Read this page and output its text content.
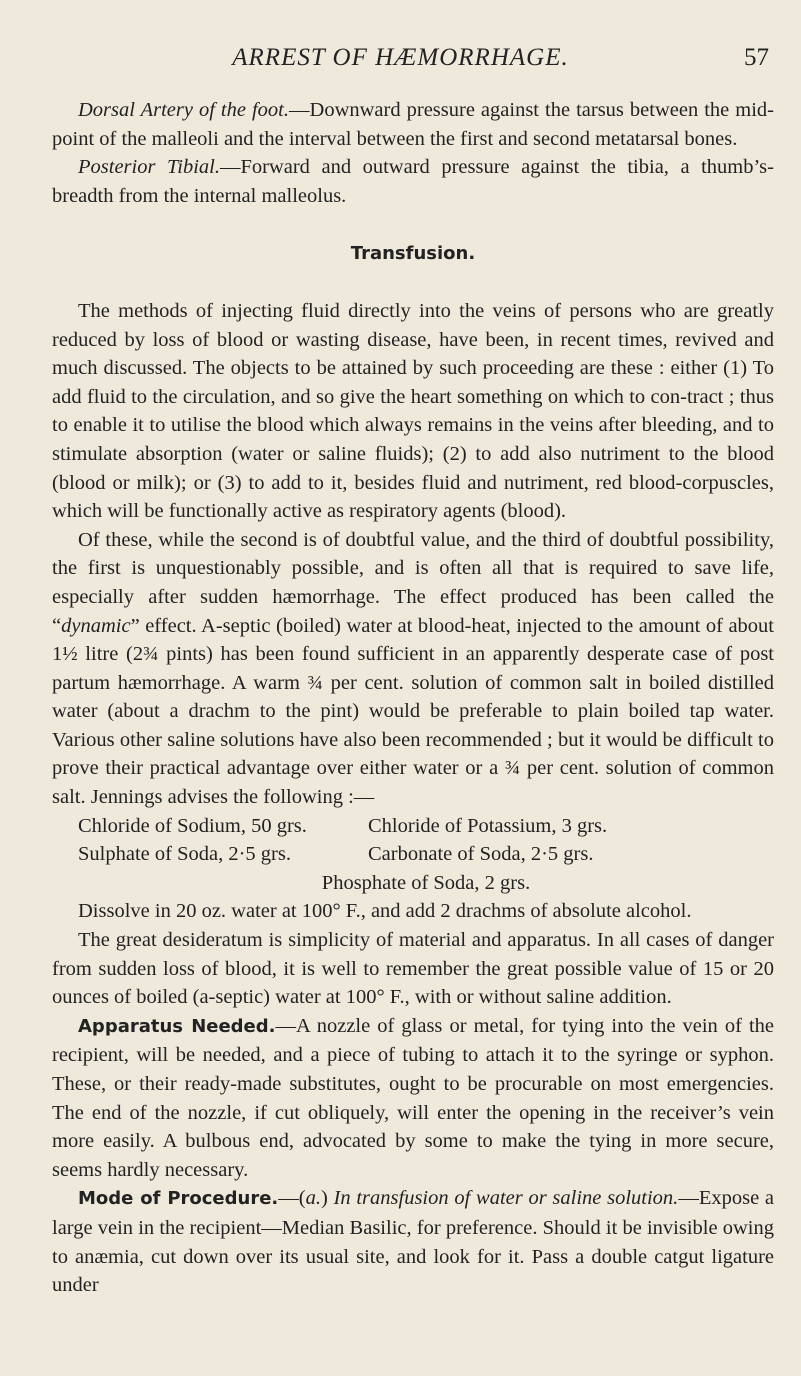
ARREST OF HÆMORRHAGE.	57

Dorsal Artery of the foot.—Downward pressure against the tarsus between the mid-point of the malleoli and the interval between the first and second metatarsal bones.

Posterior Tibial.—Forward and outward pressure against the tibia, a thumb’s-breadth from the internal malleolus.

Transfusion.

The methods of injecting fluid directly into the veins of persons who are greatly reduced by loss of blood or wasting disease, have been, in recent times, revived and much discussed. The objects to be attained by such proceeding are these : either (1) To add fluid to the circulation, and so give the heart something on which to con-tract ; thus to enable it to utilise the blood which always remains in the veins after bleeding, and to stimulate absorption (water or saline fluids); (2) to add also nutriment to the blood (blood or milk); or (3) to add to it, besides fluid and nutriment, red blood-corpuscles, which will be functionally active as respiratory agents (blood).

Of these, while the second is of doubtful value, and the third of doubtful possibility, the first is unquestionably possible, and is often all that is required to save life, especially after sudden hæmorrhage. The effect produced has been called the “dynamic” effect. A-septic (boiled) water at blood-heat, injected to the amount of about 1½ litre (2¾ pints) has been found sufficient in an apparently desperate case of post partum hæmorrhage. A warm ¾ per cent. solution of common salt in boiled distilled water (about a drachm to the pint) would be preferable to plain boiled tap water. Various other saline solutions have also been recommended ; but it would be difficult to prove their practical advantage over either water or a ¾ per cent. solution of common salt. Jennings advises the following :—

Chloride of Sodium, 50 grs.	Chloride of Potassium, 3 grs.
Sulphate of Soda, 2·5 grs.	Carbonate of Soda, 2·5 grs.
Phosphate of Soda, 2 grs.

Dissolve in 20 oz. water at 100° F., and add 2 drachms of absolute alcohol.

The great desideratum is simplicity of material and apparatus. In all cases of danger from sudden loss of blood, it is well to remember the great possible value of 15 or 20 ounces of boiled (a-septic) water at 100° F., with or without saline addition.

Apparatus Needed.—A nozzle of glass or metal, for tying into the vein of the recipient, will be needed, and a piece of tubing to attach it to the syringe or syphon. These, or their ready-made substitutes, ought to be procurable on most emergencies. The end of the nozzle, if cut obliquely, will enter the opening in the receiver’s vein more easily. A bulbous end, advocated by some to make the tying in more secure, seems hardly necessary.

Mode of Procedure.—(a.) In transfusion of water or saline solution.—Expose a large vein in the recipient—Median Basilic, for preference. Should it be invisible owing to anæmia, cut down over its usual site, and look for it. Pass a double catgut ligature under
